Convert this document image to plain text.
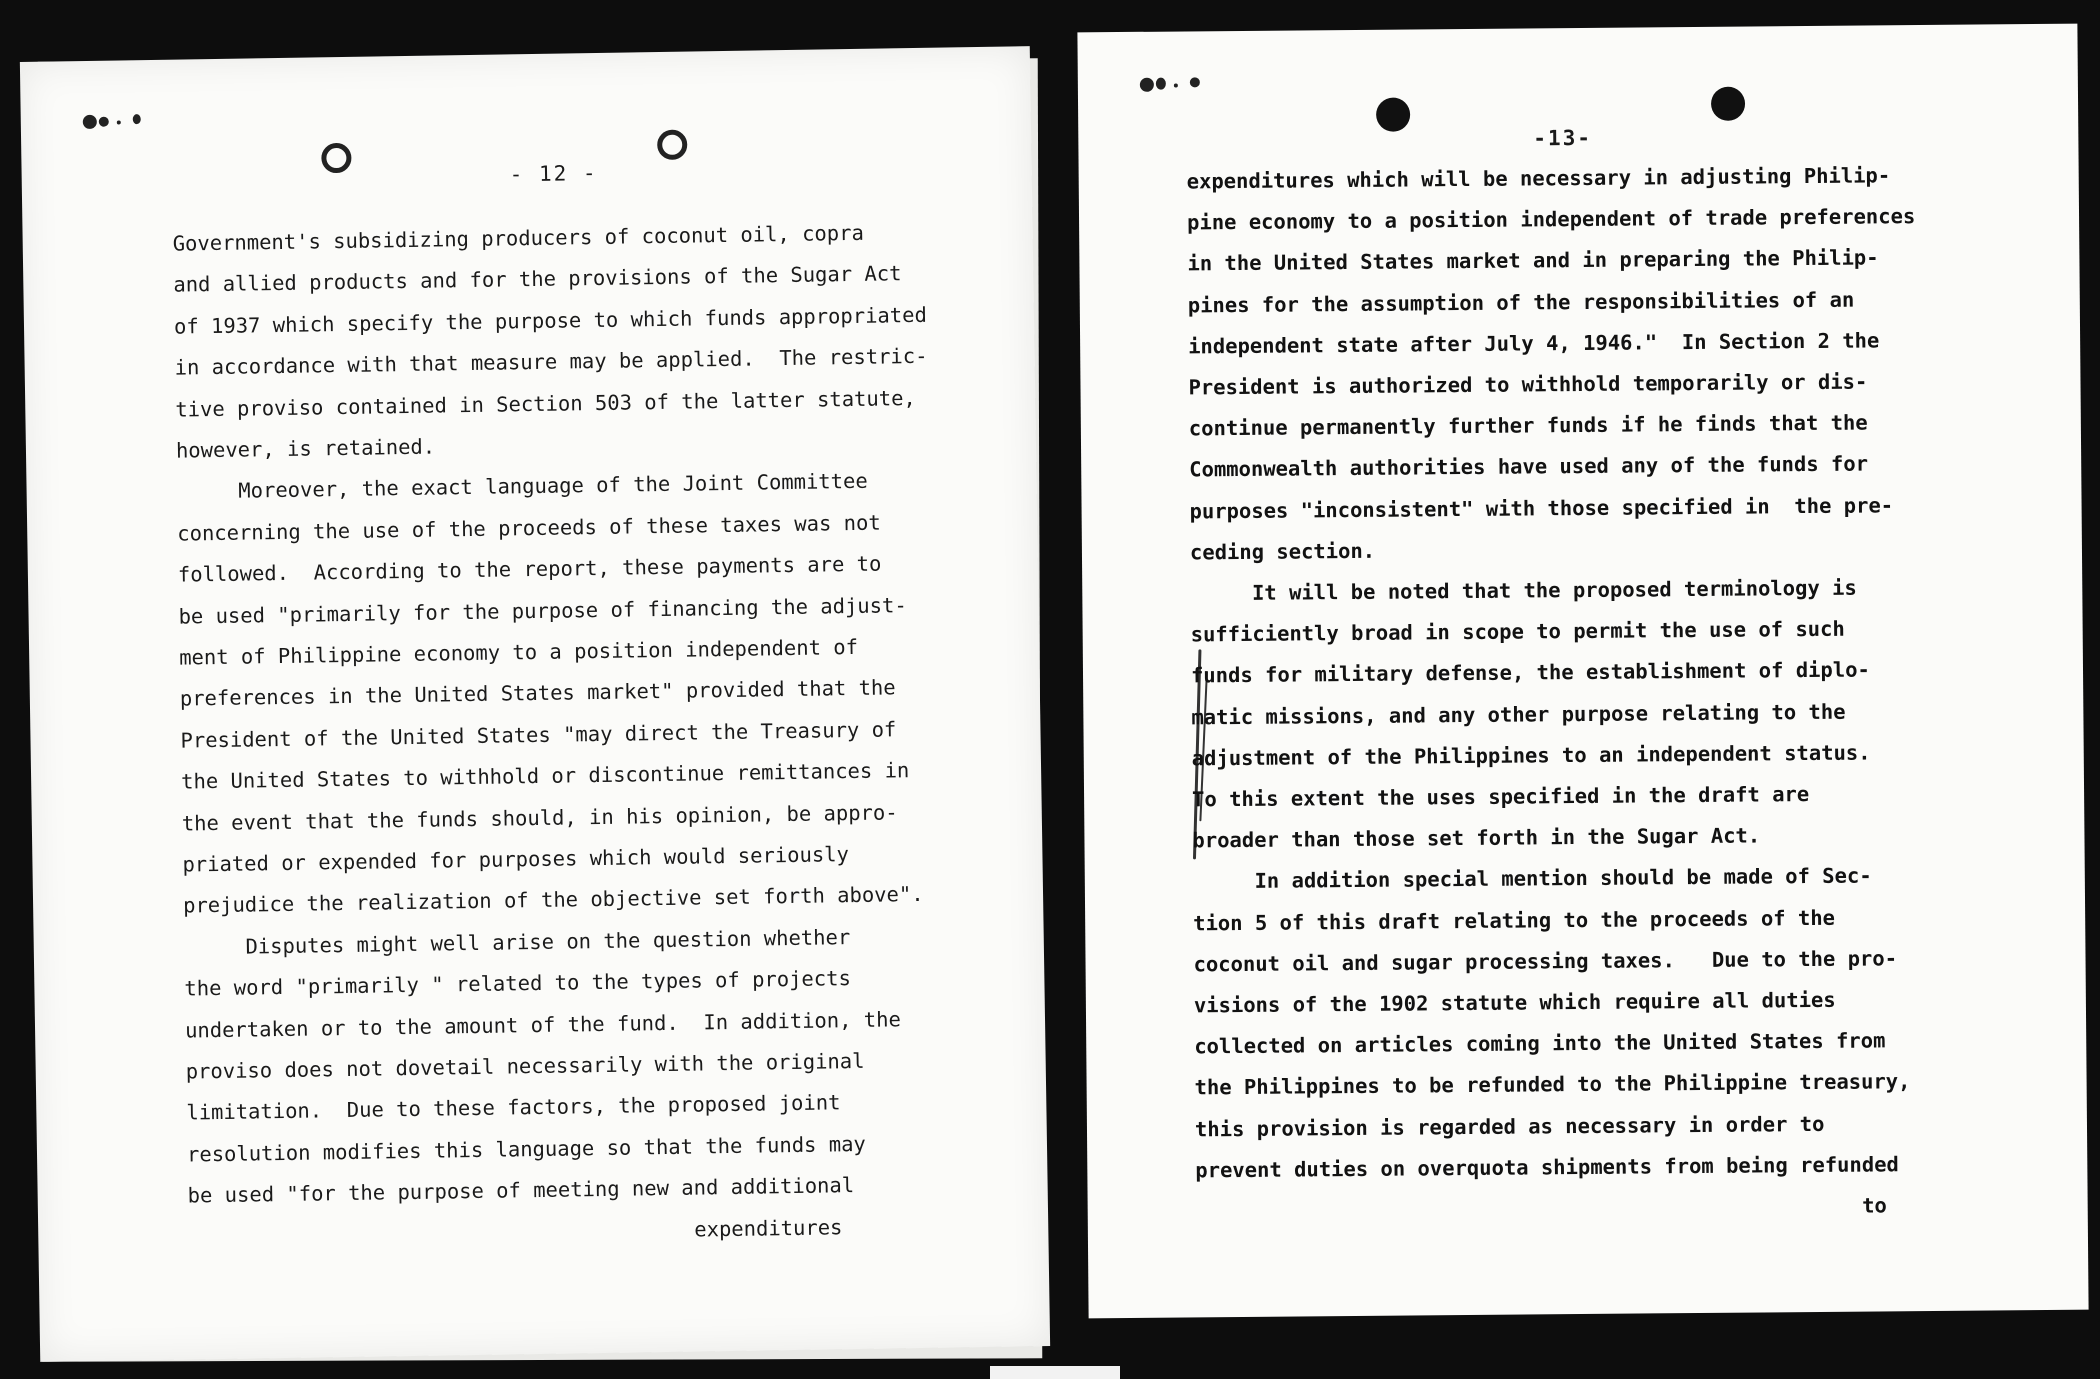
- 12 -
Government's subsidizing producers of coconut oil, copra
and allied products and for the provisions of the Sugar Act
of 1937 which specify the purpose to which funds appropriated
in accordance with that measure may be applied.  The restric-
tive proviso contained in Section 503 of the latter statute,
however, is retained.
Moreover, the exact language of the Joint Committee
concerning the use of the proceeds of these taxes was not
followed.  According to the report, these payments are to
be used "primarily for the purpose of financing the adjust-
ment of Philippine economy to a position independent of
preferences in the United States market" provided that the
President of the United States "may direct the Treasury of
the United States to withhold or discontinue remittances in
the event that the funds should, in his opinion, be appro-
priated or expended for purposes which would seriously
prejudice the realization of the objective set forth above".
Disputes might well arise on the question whether
the word "primarily " related to the types of projects
undertaken or to the amount of the fund.  In addition, the
proviso does not dovetail necessarily with the original
limitation.  Due to these factors, the proposed joint
resolution modifies this language so that the funds may
be used "for the purpose of meeting new and additional
expenditures
-13-
expenditures which will be necessary in adjusting Philip-
pine economy to a position independent of trade preferences
in the United States market and in preparing the Philip-
pines for the assumption of the responsibilities of an
independent state after July 4, 1946."  In Section 2 the
President is authorized to withhold temporarily or dis-
continue permanently further funds if he finds that the
Commonwealth authorities have used any of the funds for
purposes "inconsistent" with those specified in  the pre-
ceding section.
It will be noted that the proposed terminology is
sufficiently broad in scope to permit the use of such
funds for military defense, the establishment of diplo-
matic missions, and any other purpose relating to the
adjustment of the Philippines to an independent status.
To this extent the uses specified in the draft are
broader than those set forth in the Sugar Act.
In addition special mention should be made of Sec-
tion 5 of this draft relating to the proceeds of the
coconut oil and sugar processing taxes.   Due to the pro-
visions of the 1902 statute which require all duties
collected on articles coming into the United States from
the Philippines to be refunded to the Philippine treasury,
this provision is regarded as necessary in order to
prevent duties on overquota shipments from being refunded
to
